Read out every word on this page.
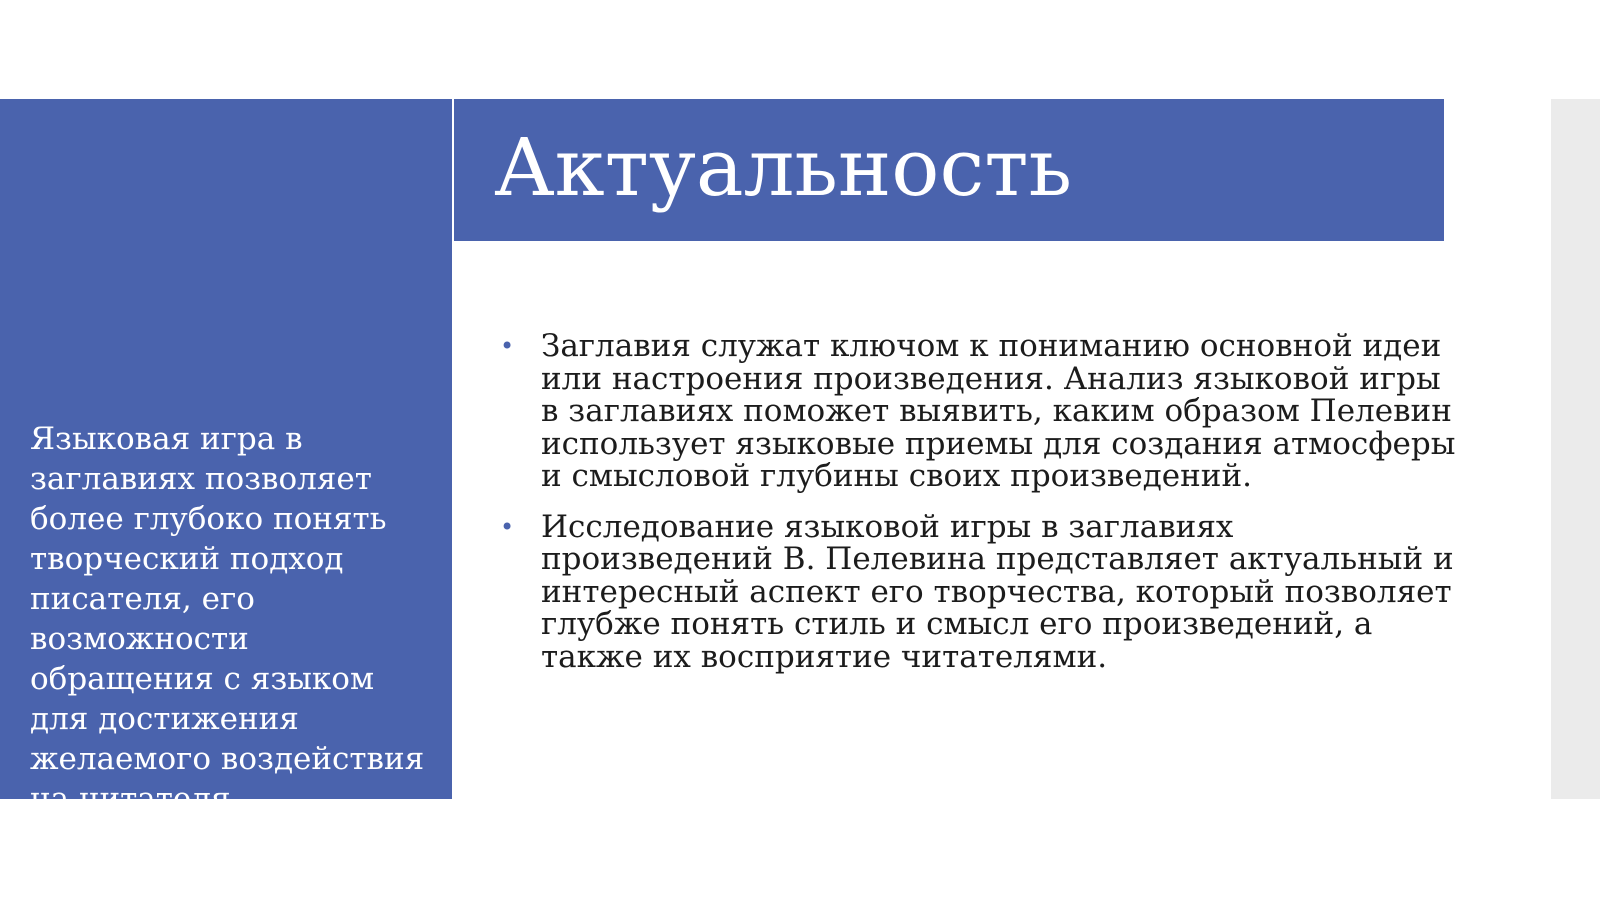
Языковая игра в заглавиях позволяет более глубоко понять творческий подход писателя, его возможности обращения с языком для достижения желаемого воздействия на читателя.

Актуальность
• Заглавия служат ключом к пониманию основной идеи или настроения произведения. Анализ языковой игры в заглавиях поможет выявить, каким образом Пелевин использует языковые приемы для создания атмосферы и смысловой глубины своих произведений.
• Исследование языковой игры в заглавиях произведений В. Пелевина представляет актуальный и интересный аспект его творчества, который позволяет глубже понять стиль и смысл его произведений, а также их восприятие читателями.
